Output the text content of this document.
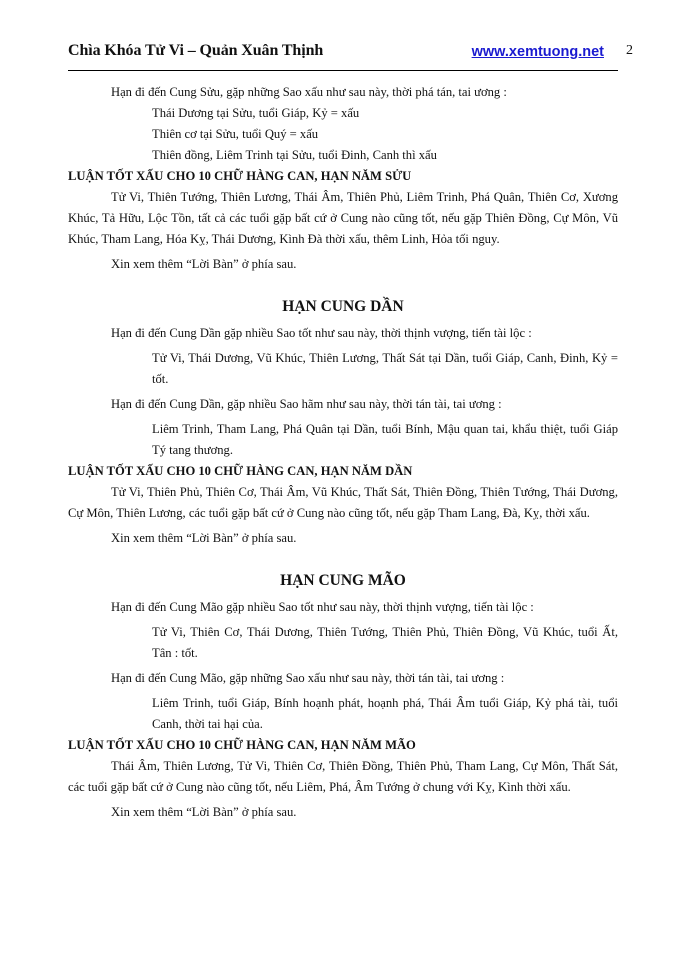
Chìa Khóa Tử Vi – Quản Xuân Thịnh	www.xemtuong.net 2

Hạn đi đến Cung Sửu, gặp những Sao xấu như sau này, thời phá tán, tai ương :

Thái Dương tại Sửu, tuổi Giáp, Kỷ = xấu

Thiên cơ tại Sửu, tuổi Quý = xấu

Thiên đồng, Liêm Trinh tại Sửu, tuổi Đinh, Canh thì xấu

LUẬN TỐT XẤU CHO 10 CHỮ HÀNG CAN, HẠN NĂM SỬU

Tử Vi, Thiên Tướng, Thiên Lương, Thái Âm, Thiên Phủ, Liêm Trinh, Phá Quân, Thiên Cơ, Xương Khúc, Tả Hữu, Lộc Tồn, tất cả các tuổi gặp bất cứ ở Cung nào cũng tốt, nếu gặp Thiên Đồng, Cự Môn, Vũ Khúc, Tham Lang, Hóa Kỵ, Thái Dương, Kình Đà thời xấu, thêm Linh, Hỏa tối nguy.

Xin xem thêm “Lời Bàn” ở phía sau.

HẠN CUNG DẦN

Hạn đi đến Cung Dần gặp nhiều Sao tốt như sau này, thời thịnh vượng, tiến tài lộc :

Tử Vi, Thái Dương, Vũ Khúc, Thiên Lương, Thất Sát tại Dần, tuổi Giáp, Canh, Đinh, Kỷ = tốt.

Hạn đi đến Cung Dần, gặp nhiều Sao hãm như sau này, thời tán tài, tai ương :

Liêm Trinh, Tham Lang, Phá Quân tại Dần, tuổi Bính, Mậu quan tai, khẩu thiệt, tuổi Giáp Tý tang thương.

LUẬN TỐT XẤU CHO 10 CHỮ HÀNG CAN, HẠN NĂM DẦN

Tử Vi, Thiên Phủ, Thiên Cơ, Thái Âm, Vũ Khúc, Thất Sát, Thiên Đồng, Thiên Tướng, Thái Dương, Cự Môn, Thiên Lương, các tuổi gặp bất cứ ở Cung nào cũng tốt, nếu gặp Tham Lang, Đà, Kỵ, thời xấu.

Xin xem thêm “Lời Bàn” ở phía sau.

HẠN CUNG MÃO

Hạn đi đến Cung Mão gặp nhiều Sao tốt như sau này, thời thịnh vượng, tiến tài lộc :

Tử Vi, Thiên Cơ, Thái Dương, Thiên Tướng, Thiên Phủ, Thiên Đồng, Vũ Khúc, tuổi Ất, Tân : tốt.

Hạn đi đến Cung Mão, gặp những Sao xấu như sau này, thời tán tài, tai ương :

Liêm Trinh, tuổi Giáp, Bính hoạnh phát, hoạnh phá, Thái Âm tuổi Giáp, Kỷ phá tài, tuổi Canh, thời tai hại của.

LUẬN TỐT XẤU CHO 10 CHỮ HÀNG CAN, HẠN NĂM MÃO

Thái Âm, Thiên Lương, Tử Vi, Thiên Cơ, Thiên Đồng, Thiên Phủ, Tham Lang, Cự Môn, Thất Sát, các tuổi gặp bất cứ ở Cung nào cũng tốt, nếu Liêm, Phá, Âm Tướng ở chung với Kỵ, Kình thời xấu.

Xin xem thêm “Lời Bàn” ở phía sau.
